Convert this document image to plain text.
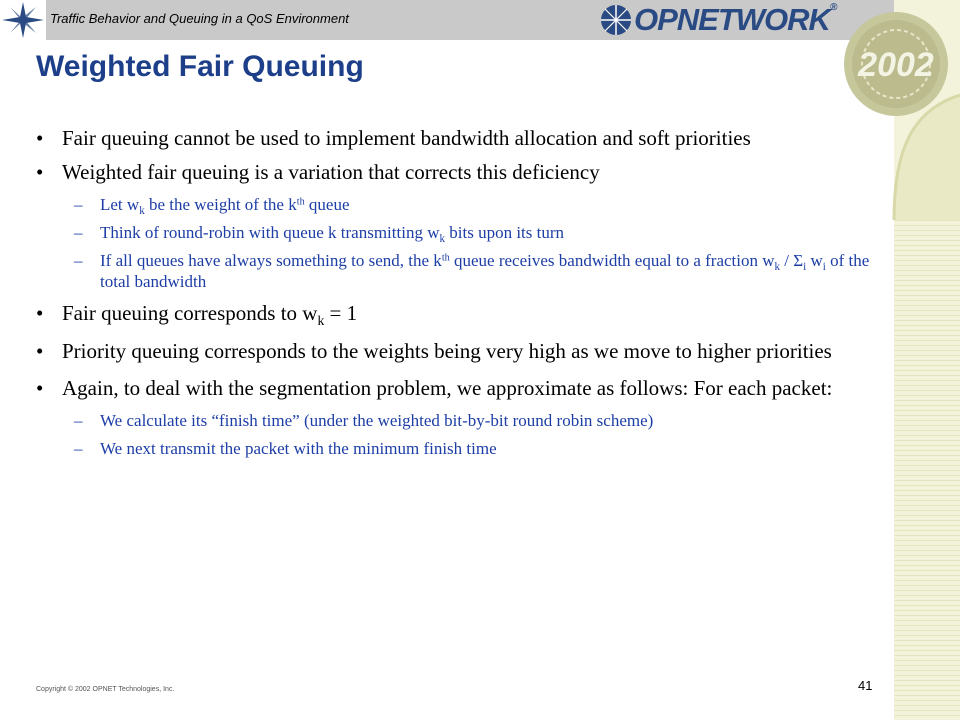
Traffic Behavior and Queuing in a QoS Environment	OPNETWORK®
2002
Weighted Fair Queuing
• Fair queuing cannot be used to implement bandwidth allocation and soft priorities
• Weighted fair queuing is a variation that corrects this deficiency
– Let $w_k$ be the weight of the $k^{th}$ queue
– Think of round-robin with queue k transmitting $w_k$ bits upon its turn
– If all queues have always something to send, the $k^{th}$ queue receives bandwidth equal to a fraction $w_k / \Sigma_i$ $w_i$ of the total bandwidth
• Fair queuing corresponds to $w_k = 1$
• Priority queuing corresponds to the weights being very high as we move to higher priorities
• Again, to deal with the segmentation problem, we approximate as follows: For each packet:
– We calculate its “finish time” (under the weighted bit-by-bit round robin scheme)
– We next transmit the packet with the minimum finish time
Copyright © 2002 OPNET Technologies, Inc.	41
